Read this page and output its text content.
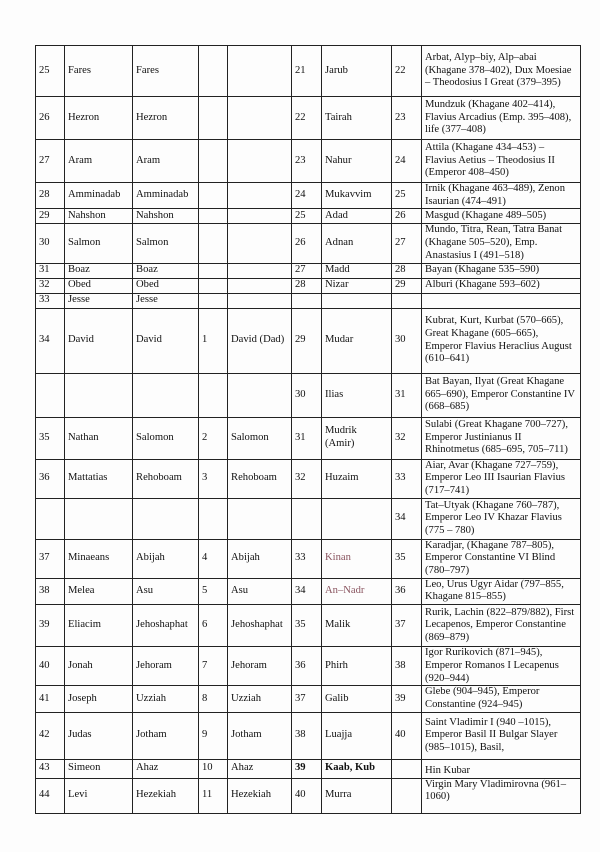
25	Fares	Fares			21	Jarub	22	Arbat, Alyp–biy, Alp–abai (Khagane 378–402), Dux Moesiae – Theodosius I Great (379–395)
26	Hezron	Hezron			22	Tairah	23	Mundzuk (Khagane 402–414), Flavius Arcadius (Emp. 395–408), life (377–408)
27	Aram	Aram			23	Nahur	24	Attila (Khagane 434–453) – Flavius Aetius – Theodosius II (Emperor 408–450)
28	Amminadab	Amminadab			24	Mukavvim	25	Irnik (Khagane 463–489), Zenon Isaurian (474–491)
29	Nahshon	Nahshon			25	Adad	26	Masgud (Khagane 489–505)
30	Salmon	Salmon			26	Adnan	27	Mundo, Titra, Rean, Tatra Banat (Khagane 505–520), Emp. Anastasius I (491–518)
31	Boaz	Boaz			27	Madd	28	Bayan (Khagane 535–590)
32	Obed	Obed			28	Nizar	29	Alburi (Khagane 593–602)
33	Jesse	Jesse						
34	David	David	1	David (Dad)	29	Mudar	30	Kubrat, Kurt, Kurbat (570–665), Great Khagane (605–665), Emperor Flavius Heraclius August (610–641)
					30	Ilias	31	Bat Bayan, Ilyat (Great Khagane 665–690), Emperor Constantine IV (668–685)
35	Nathan	Salomon	2	Salomon	31	Mudrik (Amir)	32	Sulabi (Great Khagane 700–727), Emperor Justinianus II Rhinotmetus (685–695, 705–711)
36	Mattatias	Rehoboam	3	Rehoboam	32	Huzaim	33	Aiar, Avar (Khagane 727–759), Emperor Leo III Isaurian Flavius (717–741)
							34	Tat–Utyak (Khagane 760–787), Emperor Leo IV Khazar Flavius (775 – 780)
37	Minaeans	Abijah	4	Abijah	33	Kinan	35	Karadjar, (Khagane 787–805), Emperor Constantine VI Blind (780–797)
38	Melea	Asu	5	Asu	34	An–Nadr	36	Leo, Urus Ugyr Aidar (797–855, Khagane 815–855)
39	Eliacim	Jehoshaphat	6	Jehoshaphat	35	Malik	37	Rurik, Lachin (822–879/882), First Lecapenos, Emperor Constantine (869–879)
40	Jonah	Jehoram	7	Jehoram	36	Phirh	38	Igor Rurikovich (871–945), Emperor Romanos I Lecapenus (920–944)
41	Joseph	Uzziah	8	Uzziah	37	Galib	39	Glebe (904–945), Emperor Constantine (924–945)
42	Judas	Jotham	9	Jotham	38	Luajja	40	Saint Vladimir I (940 –1015), Emperor Basil II Bulgar Slayer (985–1015), Basil,
43	Simeon	Ahaz	10	Ahaz	39	Kaab, Kub		Hin Kubar
44	Levi	Hezekiah	11	Hezekiah	40	Murra		Virgin Mary Vladimirovna (961–1060)
